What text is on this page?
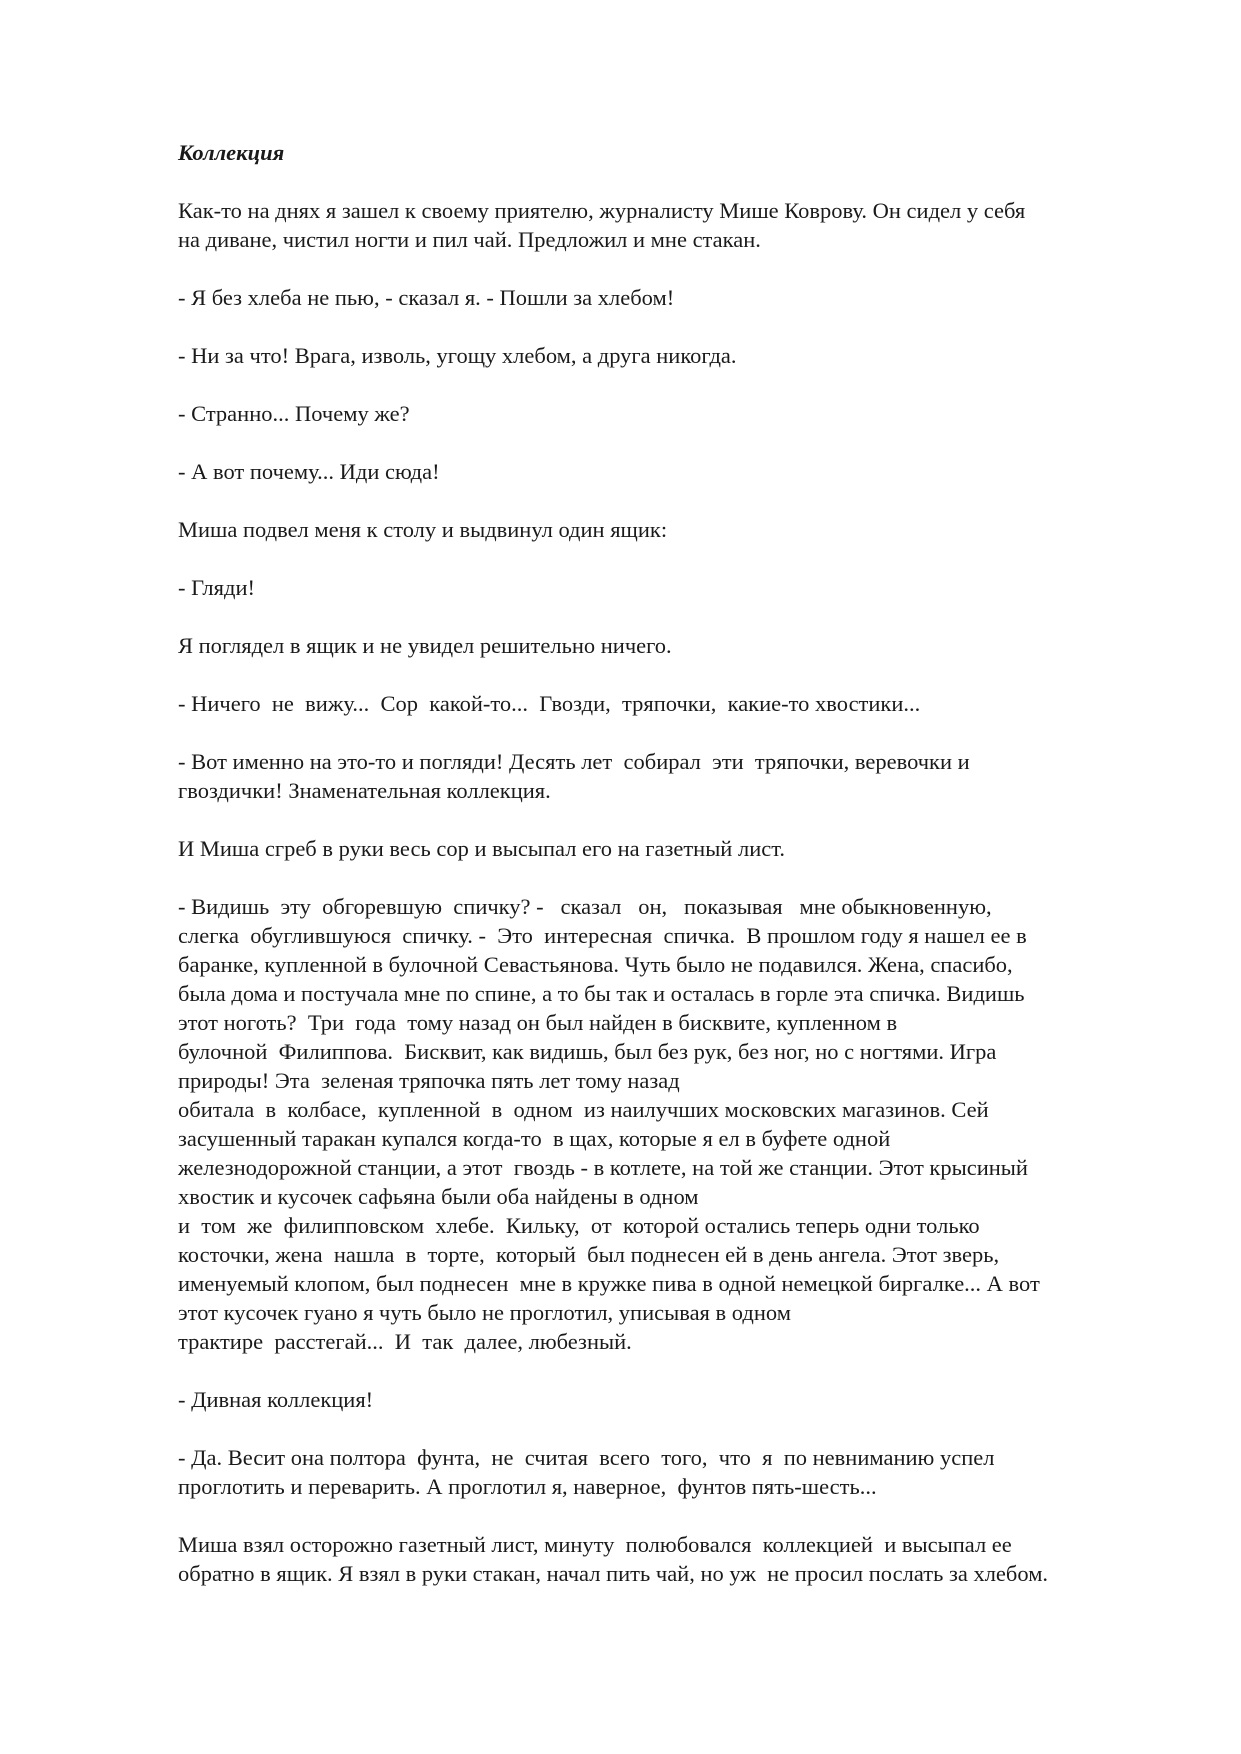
Коллекция
Как-то на днях я зашел к своему приятелю, журналисту Мише Коврову. Он сидел у себя
на диване, чистил ногти и пил чай. Предложил и мне стакан.
- Я без хлеба не пью, - сказал я. - Пошли за хлебом!
- Ни за что! Врага, изволь, угощу хлебом, а друга никогда.
- Странно... Почему же?
- А вот почему... Иди сюда!
Миша подвел меня к столу и выдвинул один ящик:
- Гляди!
Я поглядел в ящик и не увидел решительно ничего.
- Ничего  не  вижу...  Сор  какой-то...  Гвозди,  тряпочки,  какие-то хвостики...
- Вот именно на это-то и погляди! Десять лет  собирал  эти  тряпочки, веревочки и
гвоздички! Знаменательная коллекция.
И Миша сгреб в руки весь сор и высыпал его на газетный лист.
- Видишь  эту  обгоревшую  спичку? -   сказал   он,   показывая   мне обыкновенную,
слегка  обуглившуюся  спичку. -  Это  интересная  спичка.  В прошлом году я нашел ее в
баранке, купленной в булочной Севастьянова. Чуть было не подавился. Жена, спасибо,
была дома и постучала мне по спине, а то бы так и осталась в горле эта спичка. Видишь
этот ноготь?  Три  года  тому назад он был найден в бисквите, купленном в
булочной  Филиппова.  Бисквит, как видишь, был без рук, без ног, но с ногтями. Игра
природы! Эта  зеленая тряпочка пять лет тому назад
обитала  в  колбасе,  купленной  в  одном  из наилучших московских магазинов. Сей
засушенный таракан купался когда-то  в щах, которые я ел в буфете одной
железнодорожной станции, а этот  гвоздь - в котлете, на той же станции. Этот крысиный
хвостик и кусочек сафьяна были оба найдены в одном
и  том  же  филипповском  хлебе.  Кильку,  от  которой остались теперь одни только
косточки, жена  нашла  в  торте,  который  был поднесен ей в день ангела. Этот зверь,
именуемый клопом, был поднесен  мне в кружке пива в одной немецкой биргалке... А вот
этот кусочек гуано я чуть было не проглотил, уписывая в одном
трактире  расстегай...  И  так  далее, любезный.
- Дивная коллекция!
- Да. Весит она полтора  фунта,  не  считая  всего  того,  что  я  по невниманию успел
проглотить и переварить. А проглотил я, наверное,  фунтов пять-шесть...
Миша взял осторожно газетный лист, минуту  полюбовался  коллекцией  и высыпал ее
обратно в ящик. Я взял в руки стакан, начал пить чай, но уж  не просил послать за хлебом.
